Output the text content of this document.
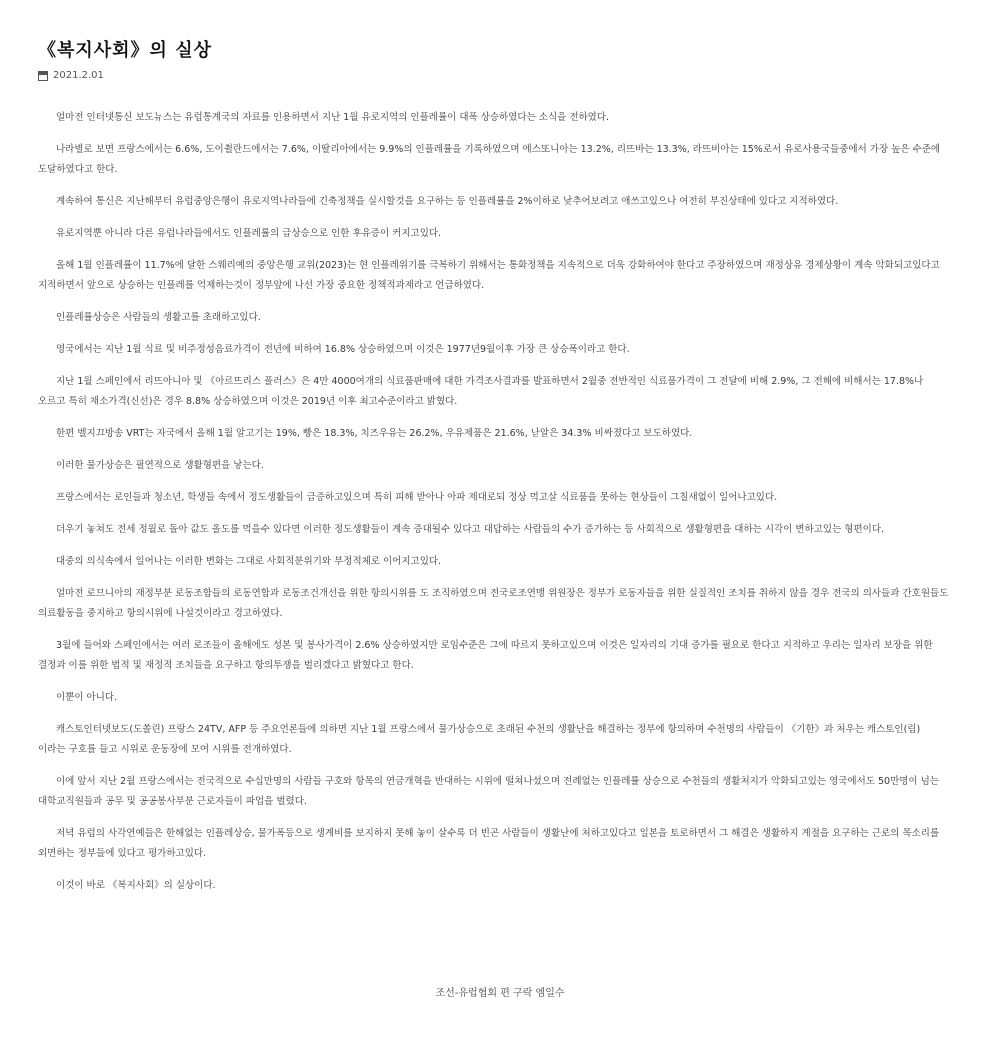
《복지사회》의 실상
2021.2.01

얼마전 인터넷통신 보도뉴스는 유럽통계국의 자료를 인용하면서 지난 1월 유로지역의 인플레률이 대폭 상승하였다는 소식을 전하였다.

나라별로 보면 프랑스에서는 6.6%, 도이췰란드에서는 7.6%, 이딸리아에서는 9.9%의 인플레률을 기록하였으며 에스또니아는 13.2%, 리뜨바는 13.3%, 라뜨비아는 15%로서 유로사용국들중에서 가장 높은 수준에 도달하였다고 한다.

계속하여 통신은 지난해부터 유럽중앙은행이 유로지역나라들에 긴축정책을 실시할것을 요구하는 등 인플레률을 2%이하로 낮추어보려고 애쓰고있으나 여전히 부진상태에 있다고 지적하였다.

유로지역뿐 아니라 다른 유럽나라들에서도 인플레률의 급상승으로 인한 후유증이 커지고있다.

올해 1월 인플레률이 11.7%에 달한 스웨리예의 중앙은행 교위(2023)는 현 인플레위기를 극복하기 위해서는 통화정책을 지속적으로 더욱 강화하여야 한다고 주장하였으며 재정상유 경제상황이 계속 악화되고있다고 지적하면서 앞으로 상승하는 인플레를 억제하는것이 정부앞에 나선 가장 중요한 정책적과제라고 언급하였다.

인플레률상승은 사람들의 생활고를 초래하고있다.

영국에서는 지난 1월 식료 및 비주정성음료가격이 전년에 비하여 16.8% 상승하였으며 이것은 1977년9월이후 가장 큰 상승폭이라고 한다.

지난 1월 스페인에서 리뜨아니아 및 《아르뜨리스 플러스》은 4만 4000여개의 식료품판매에 대한 가격조사결과를 발표하면서 2월중 전반적인 식료품가격이 그 전달에 비해 2.9%, 그 전해에 비해서는 17.8%나 오르고 특히 채소가격(신선)은 경우 8.8% 상승하였으며 이것은 2019년 이후 최고수준이라고 밝혔다.

한편 벨지끄방송 VRT는 자국에서 올해 1월 알고기는 19%, 빵은 18.3%, 치즈우유는 26.2%, 우유제품은 21.6%, 낟알은 34.3% 비싸졌다고 보도하였다.

이러한 물가상승은 필연적으로 생활형편을 낳는다.

프랑스에서는 로인들과 청소년, 학생들 속에서 정도생활들이 급증하고있으며 특히 피해 받아나 아파 제대로되 정상 먹고살 식료품을 못하는 현상들이 그칠새없이 일어나고있다.

더우기 놓쳐도 전세 정월로 돌아 값도 올도를 먹을수 있다면 이러한 정도생활들이 계속 증대될수 있다고 대답하는 사람들의 수가 증가하는 등 사회적으로 생활형편을 대하는 시각이 변하고있는 형편이다.

대중의 의식속에서 일어나는 이러한 변화는 그대로 사회적분위기와 부정적체로 이어지고있다.

얼마전 로므니아의 재정부분 로동조합들의 로동연합과 로동조건개선을 위한 항의시위를 도 조직하였으며 전국로조연맹 위원장은 정부가 로동자들을 위한 실질적인 조치를 취하지 않을 경우 전국의 의사들과 간호원들도 의료활동을 중지하고 항의시위에 나설것이라고 경고하였다.

3월에 들어와 스페인에서는 여러 로조들이 올해에도 성본 및 봉사가격이 2.6% 상승하였지만 로임수준은 그에 따르지 못하고있으며 이것은 일자리의 기대 증가를 필요로 한다고 지적하고 우리는 일자리 보장을 위한 결정과 이를 위한 법적 및 재정적 조치들을 요구하고 항의투쟁을 벌리겠다고 밝혔다고 한다.

이뿐이 아니다.

캐스토인터넷보도(도쏠린) 프랑스 24TV, AFP 등 주요언론들에 의하면 지난 1월 프랑스에서 물가상승으로 초래된 수천의 생활난을 해결하는 정부에 항의하며 수천명의 사람들이 《기한》과 처우는 캐스토인(림) 이라는 구호를 들고 시위로 운동장에 모여 시위를 전개하였다.

이에 앞서 지난 2월 프랑스에서는 전국적으로 수십만명의 사람들 구호와 항목의 연금개혁을 반대하는 시위에 떨쳐나섰으며 전례없는 인플레률 상승으로 수천들의 생활처지가 악화되고있는 영국에서도 50만명이 넘는 대학교직원들과 공무 및 공공봉사부분 근로자들이 파업을 벌렸다.

저녁 유럽의 사각연예들은 한해없는 인플레상승, 물가폭등으로 생계비를 보지하지 못해 놓이 살수록 더 빈곤 사람들이 생활난에 처하고있다고 일본을 토로하면서 그 해결은 생활하지 계절을 요구하는 근로의 목소리를 외면하는 정부들에 있다고 평가하고있다.

이것이 바로 《복지사회》의 실상이다.

조선-유럽협회 편 구락 엠일수
